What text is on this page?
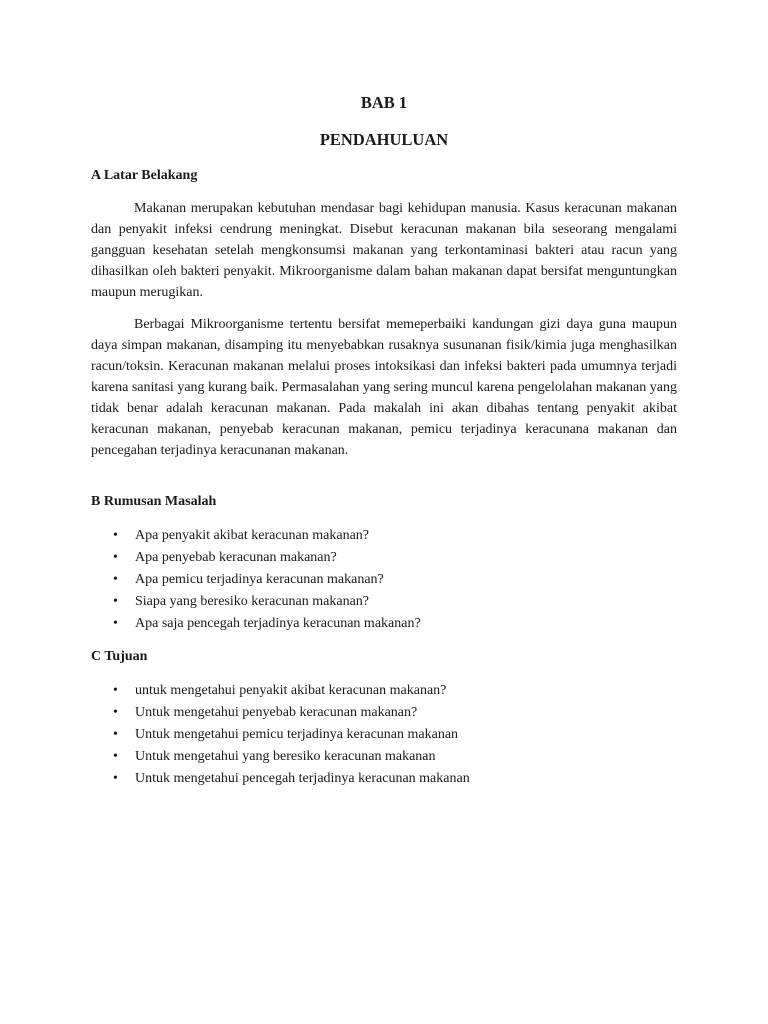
BAB 1
PENDAHULUAN
A Latar Belakang

Makanan merupakan kebutuhan mendasar bagi kehidupan manusia. Kasus keracunan makanan dan penyakit infeksi cendrung meningkat. Disebut keracunan makanan bila seseorang mengalami gangguan kesehatan setelah mengkonsumsi makanan yang terkontaminasi bakteri atau racun yang dihasilkan oleh bakteri penyakit. Mikroorganisme dalam bahan makanan dapat bersifat menguntungkan maupun merugikan.

Berbagai Mikroorganisme tertentu bersifat memeperbaiki kandungan gizi daya guna maupun daya simpan makanan, disamping itu menyebabkan rusaknya susunanan fisik/kimia juga menghasilkan racun/toksin. Keracunan makanan melalui proses intoksikasi dan infeksi bakteri pada umumnya terjadi karena sanitasi yang kurang baik. Permasalahan yang sering muncul karena pengelolahan makanan yang tidak benar adalah keracunan makanan. Pada makalah ini akan dibahas tentang penyakit akibat keracunan makanan, penyebab keracunan makanan, pemicu terjadinya keracunana makanan dan pencegahan terjadinya keracunanan makanan.

B Rumusan Masalah
• Apa penyakit akibat keracunan makanan?
• Apa penyebab keracunan makanan?
• Apa pemicu terjadinya keracunan makanan?
• Siapa yang beresiko keracunan makanan?
• Apa saja pencegah terjadinya keracunan makanan?
C Tujuan
• untuk mengetahui penyakit akibat keracunan makanan?
• Untuk mengetahui penyebab keracunan makanan?
• Untuk mengetahui pemicu terjadinya keracunan makanan
• Untuk mengetahui yang beresiko keracunan makanan
• Untuk mengetahui pencegah terjadinya keracunan makanan
